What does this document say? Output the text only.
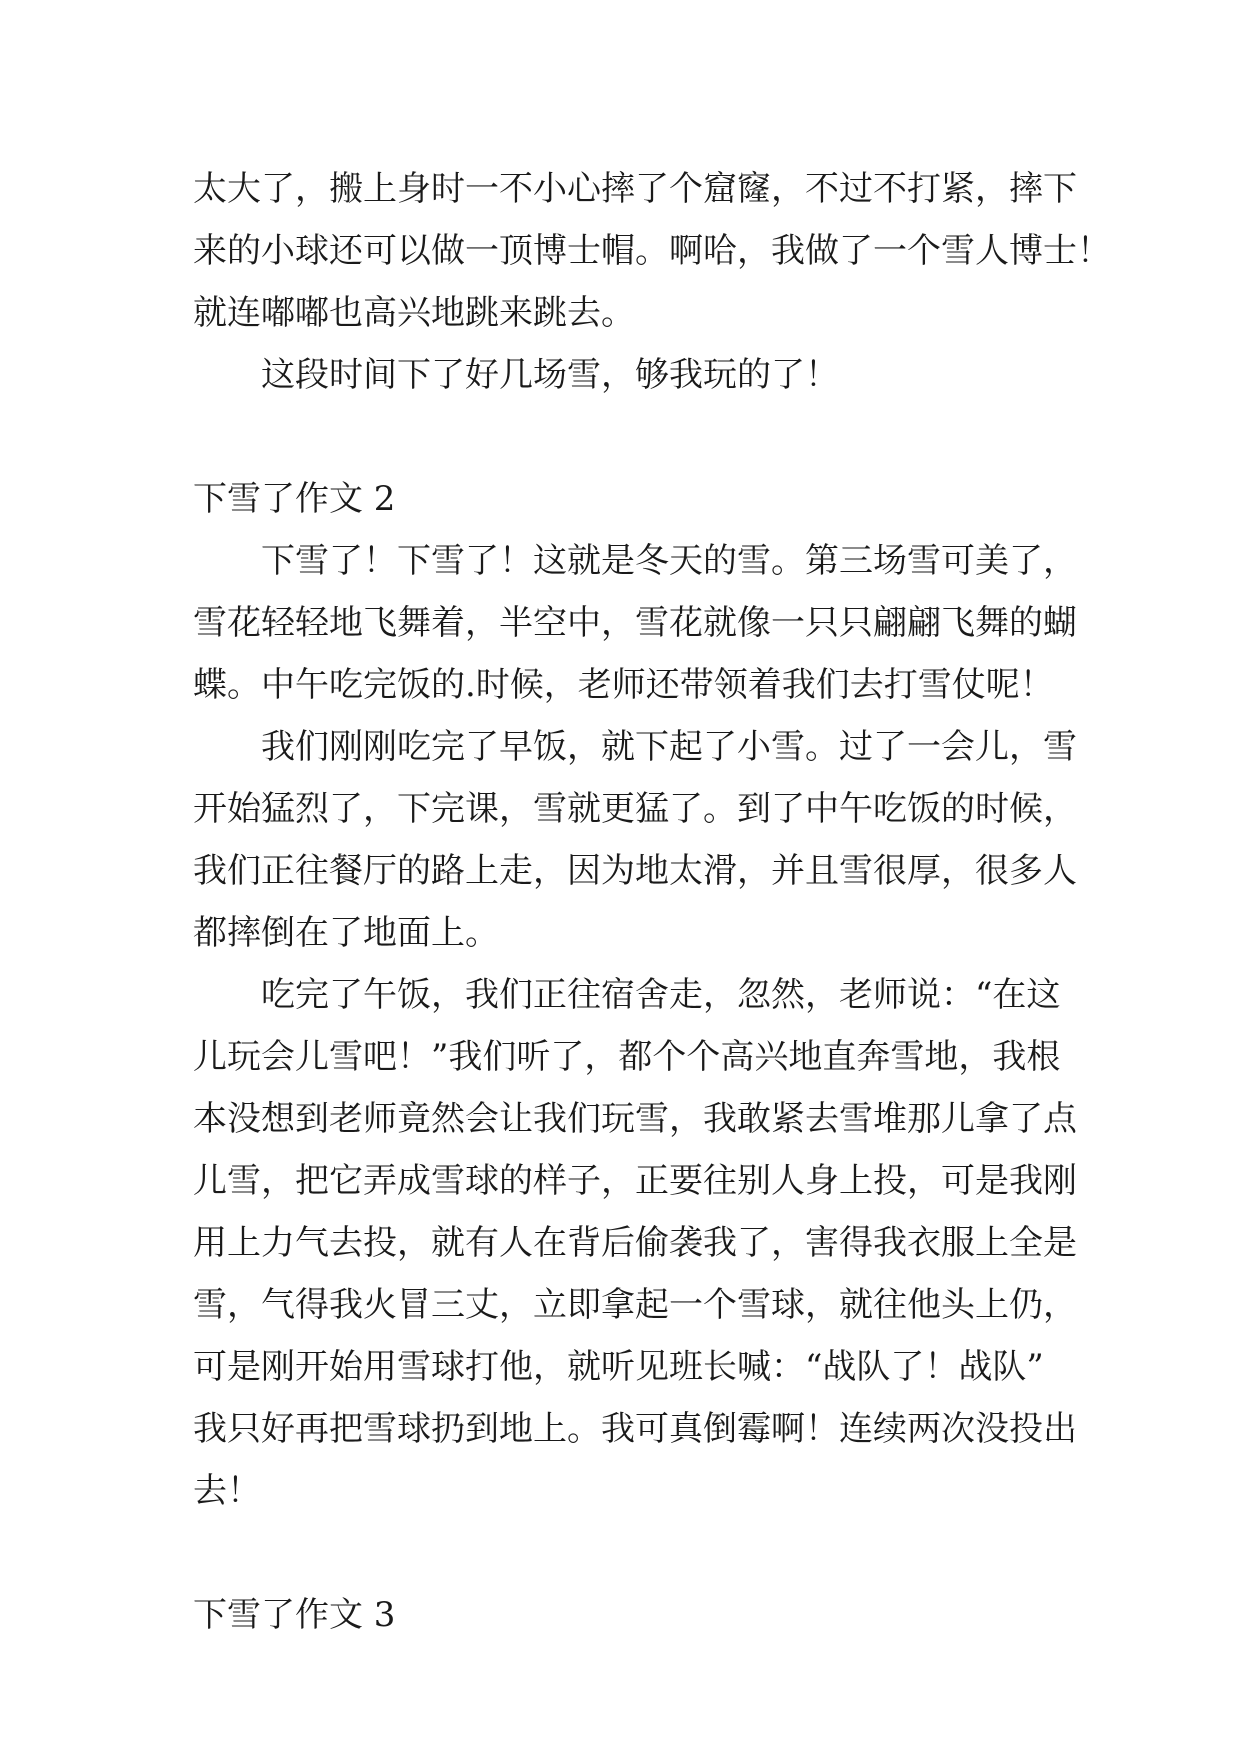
太大了，搬上身时一不小心摔了个窟窿，不过不打紧，摔下
来的小球还可以做一顶博士帽。啊哈，我做了一个雪人博士！
就连嘟嘟也高兴地跳来跳去。
这段时间下了好几场雪，够我玩的了！
下雪了作文 2
下雪了！下雪了！这就是冬天的雪。第三场雪可美了，
雪花轻轻地飞舞着，半空中，雪花就像一只只翩翩飞舞的蝴
蝶。中午吃完饭的.时候，老师还带领着我们去打雪仗呢！
我们刚刚吃完了早饭，就下起了小雪。过了一会儿，雪
开始猛烈了，下完课，雪就更猛了。到了中午吃饭的时候，
我们正往餐厅的路上走，因为地太滑，并且雪很厚，很多人
都摔倒在了地面上。
吃完了午饭，我们正往宿舍走，忽然，老师说：“在这
儿玩会儿雪吧！”我们听了，都个个高兴地直奔雪地，我根
本没想到老师竟然会让我们玩雪，我敢紧去雪堆那儿拿了点
儿雪，把它弄成雪球的样子，正要往别人身上投，可是我刚
用上力气去投，就有人在背后偷袭我了，害得我衣服上全是
雪，气得我火冒三丈，立即拿起一个雪球，就往他头上仍，
可是刚开始用雪球打他，就听见班长喊：“战队了！战队”
我只好再把雪球扔到地上。我可真倒霉啊！连续两次没投出
去！
下雪了作文 3
